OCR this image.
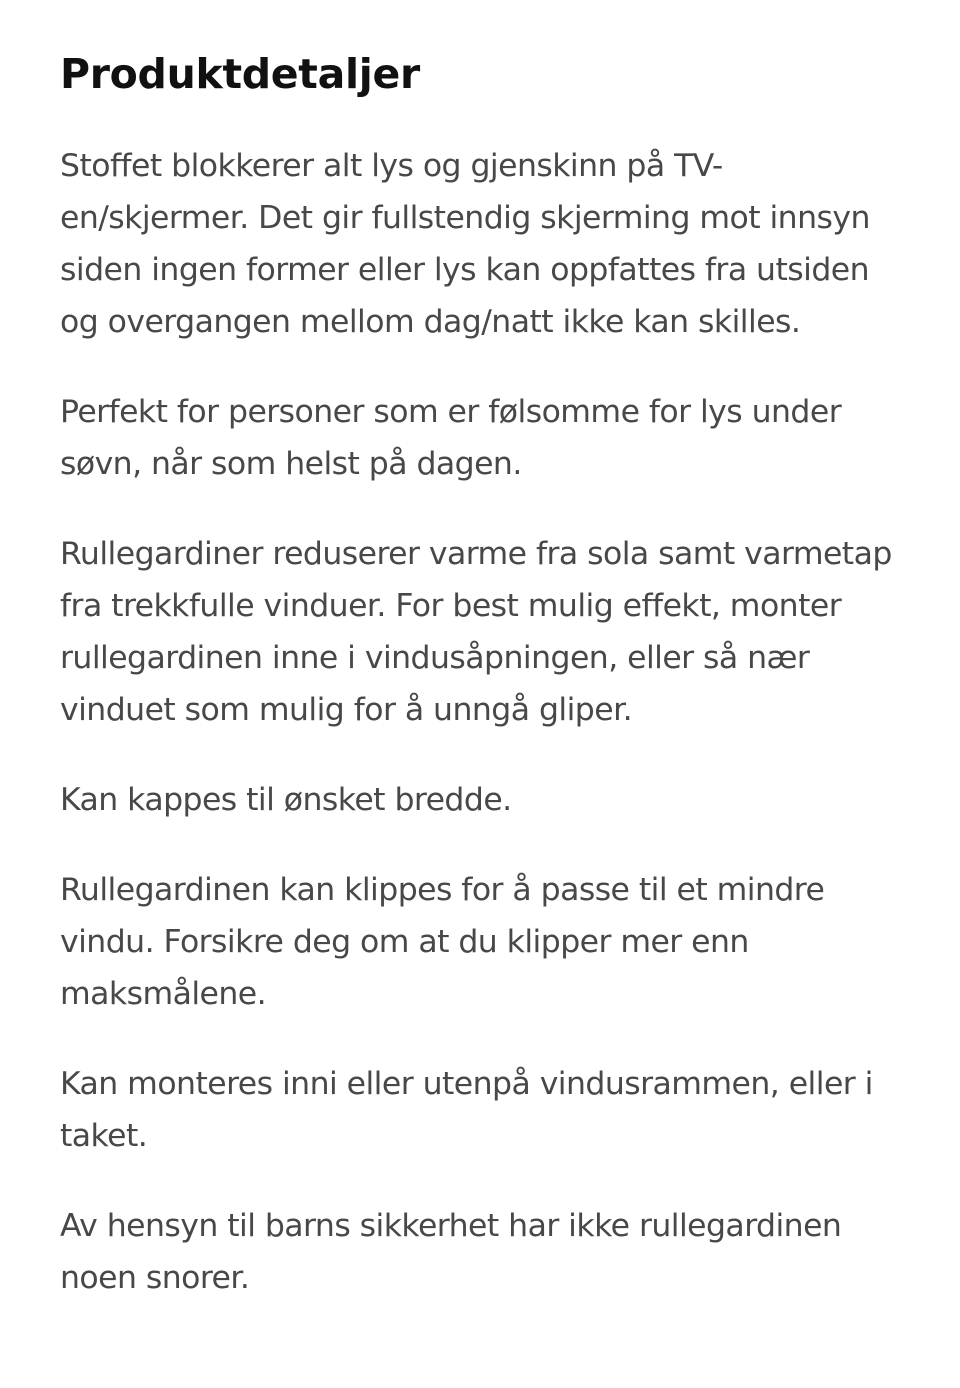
Produktdetaljer

Stoffet blokkerer alt lys og gjenskinn på TV-en/skjermer. Det gir fullstendig skjerming mot innsyn siden ingen former eller lys kan oppfattes fra utsiden og overgangen mellom dag/natt ikke kan skilles.

Perfekt for personer som er følsomme for lys under søvn, når som helst på dagen.

Rullegardiner reduserer varme fra sola samt varmetap fra trekkfulle vinduer. For best mulig effekt, monter rullegardinen inne i vindusåpningen, eller så nær vinduet som mulig for å unngå gliper.

Kan kappes til ønsket bredde.

Rullegardinen kan klippes for å passe til et mindre vindu. Forsikre deg om at du klipper mer enn maksmålene.

Kan monteres inni eller utenpå vindusrammen, eller i taket.

Av hensyn til barns sikkerhet har ikke rullegardinen noen snorer.
